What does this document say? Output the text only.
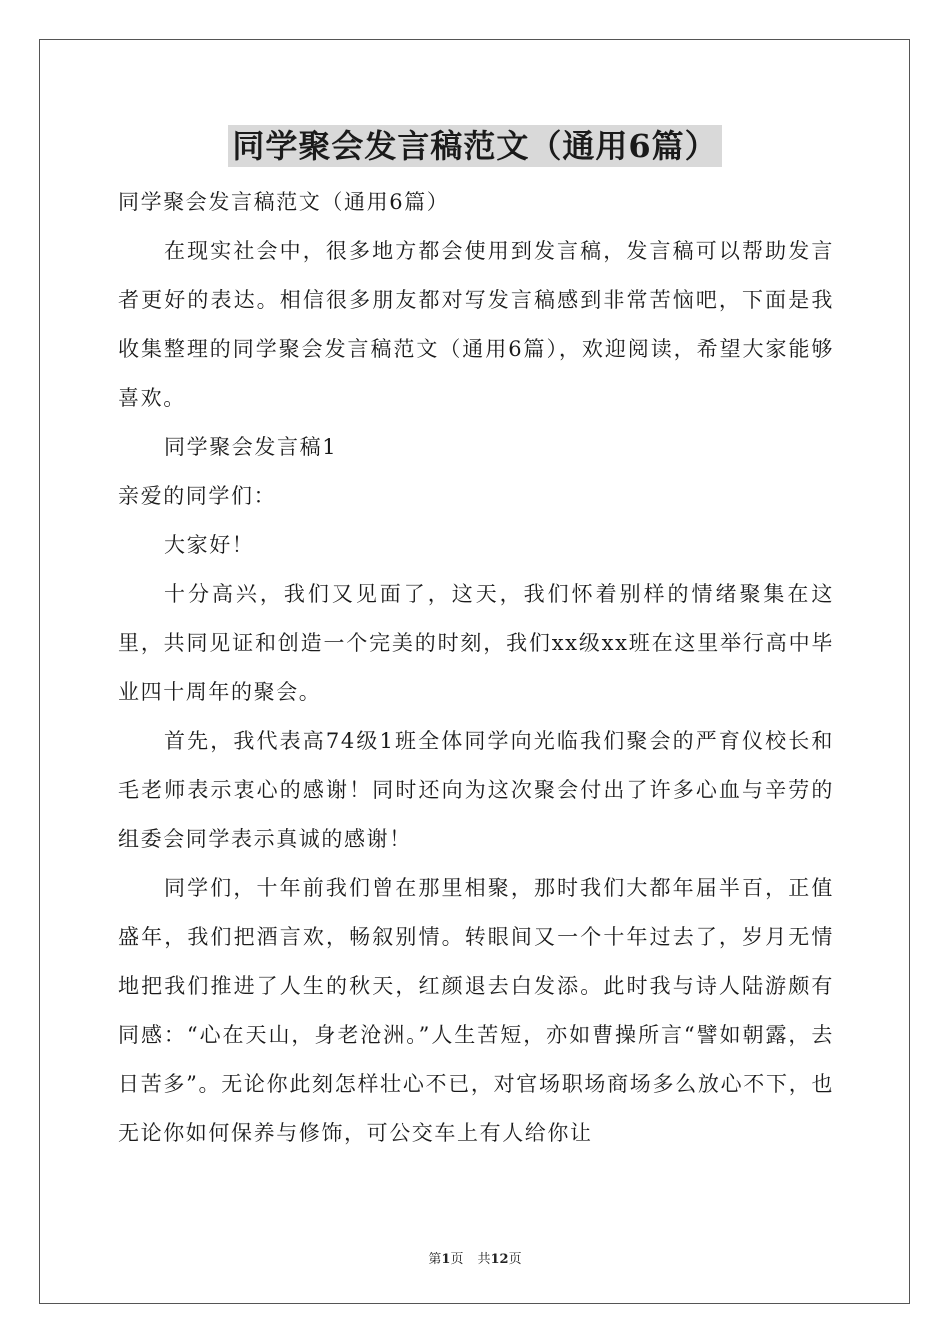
同学聚会发言稿范文（通用6篇）

同学聚会发言稿范文（通用6篇）

在现实社会中，很多地方都会使用到发言稿，发言稿可以帮助发言者更好的表达。相信很多朋友都对写发言稿感到非常苦恼吧，下面是我收集整理的同学聚会发言稿范文（通用6篇），欢迎阅读，希望大家能够喜欢。

同学聚会发言稿1

亲爱的同学们：

大家好！

十分高兴，我们又见面了，这天，我们怀着别样的情绪聚集在这里，共同见证和创造一个完美的时刻，我们xx级xx班在这里举行高中毕业四十周年的聚会。

首先，我代表高74级1班全体同学向光临我们聚会的严育仪校长和毛老师表示衷心的感谢！同时还向为这次聚会付出了许多心血与辛劳的组委会同学表示真诚的感谢！

同学们，十年前我们曾在那里相聚，那时我们大都年届半百，正值盛年，我们把酒言欢，畅叙别情。转眼间又一个十年过去了，岁月无情地把我们推进了人生的秋天，红颜退去白发添。此时我与诗人陆游颇有同感：“心在天山，身老沧洲。”人生苦短，亦如曹操所言“譬如朝露，去日苦多”。无论你此刻怎样壮心不已，对官场职场商场多么放心不下，也无论你如何保养与修饰，可公交车上有人给你让

第1页 共12页
